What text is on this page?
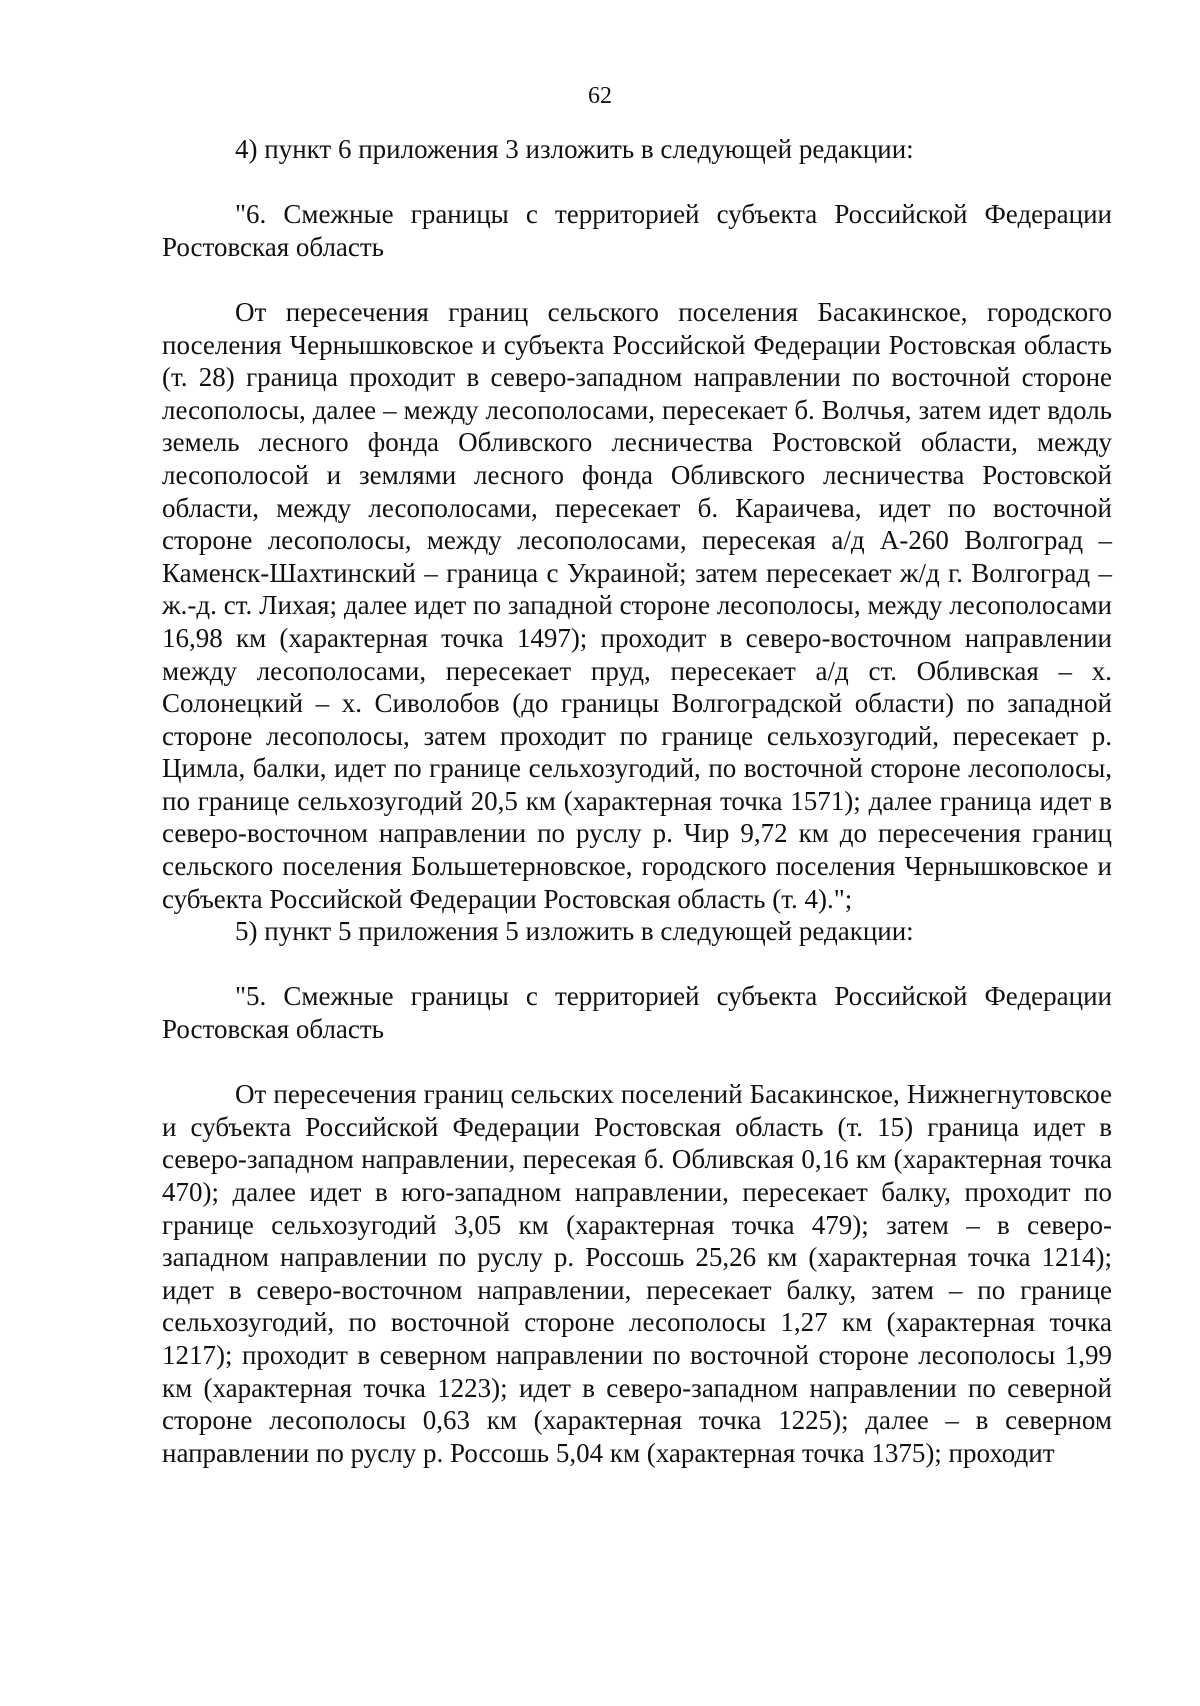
62

4) пункт 6 приложения 3 изложить в следующей редакции:

"6. Смежные границы с территорией субъекта Российской Федерации Ростовская область

От пересечения границ сельского поселения Басакинское, городского поселения Чернышковское и субъекта Российской Федерации Ростовская область (т. 28) граница проходит в северо-западном направлении по восточной стороне лесополосы, далее – между лесополосами, пересекает б. Волчья, затем идет вдоль земель лесного фонда Обливского лесничества Ростовской области, между лесополосой и землями лесного фонда Обливского лесничества Ростовской области, между лесополосами, пересекает б. Караичева, идет по восточной стороне лесополосы, между лесополосами, пересекая а/д А-260 Волгоград – Каменск-Шахтинский – граница с Украиной; затем пересекает ж/д г. Волгоград – ж.-д. ст. Лихая; далее идет по западной стороне лесополосы, между лесополосами 16,98 км (характерная точка 1497); проходит в северо-восточном направлении между лесополосами, пересекает пруд, пересекает а/д ст. Обливская – х. Солонецкий – х. Сиволобов (до границы Волгоградской области) по западной стороне лесополосы, затем проходит по границе сельхозугодий, пересекает р. Цимла, балки, идет по границе сельхозугодий, по восточной стороне лесополосы, по границе сельхозугодий 20,5 км (характерная точка 1571); далее граница идет в северо-восточном направлении по руслу р. Чир 9,72 км до пересечения границ сельского поселения Большетерновское, городского поселения Чернышковское и субъекта Российской Федерации Ростовская область (т. 4).";

5) пункт 5 приложения 5 изложить в следующей редакции:

"5. Смежные границы с территорией субъекта Российской Федерации Ростовская область

От пересечения границ сельских поселений Басакинское, Нижнегнутовское и субъекта Российской Федерации Ростовская область (т. 15) граница идет в северо-западном направлении, пересекая б. Обливская 0,16 км (характерная точка 470); далее идет в юго-западном направлении, пересекает балку, проходит по границе сельхозугодий 3,05 км (характерная точка 479); затем – в северо-западном направлении по руслу р. Россошь 25,26 км (характерная точка 1214); идет в северо-восточном направлении, пересекает балку, затем – по границе сельхозугодий, по восточной стороне лесополосы 1,27 км (характерная точка 1217); проходит в северном направлении по восточной стороне лесополосы 1,99 км (характерная точка 1223); идет в северо-западном направлении по северной стороне лесополосы 0,63 км (характерная точка 1225); далее – в северном направлении по руслу р. Россошь 5,04 км (характерная точка 1375); проходит
